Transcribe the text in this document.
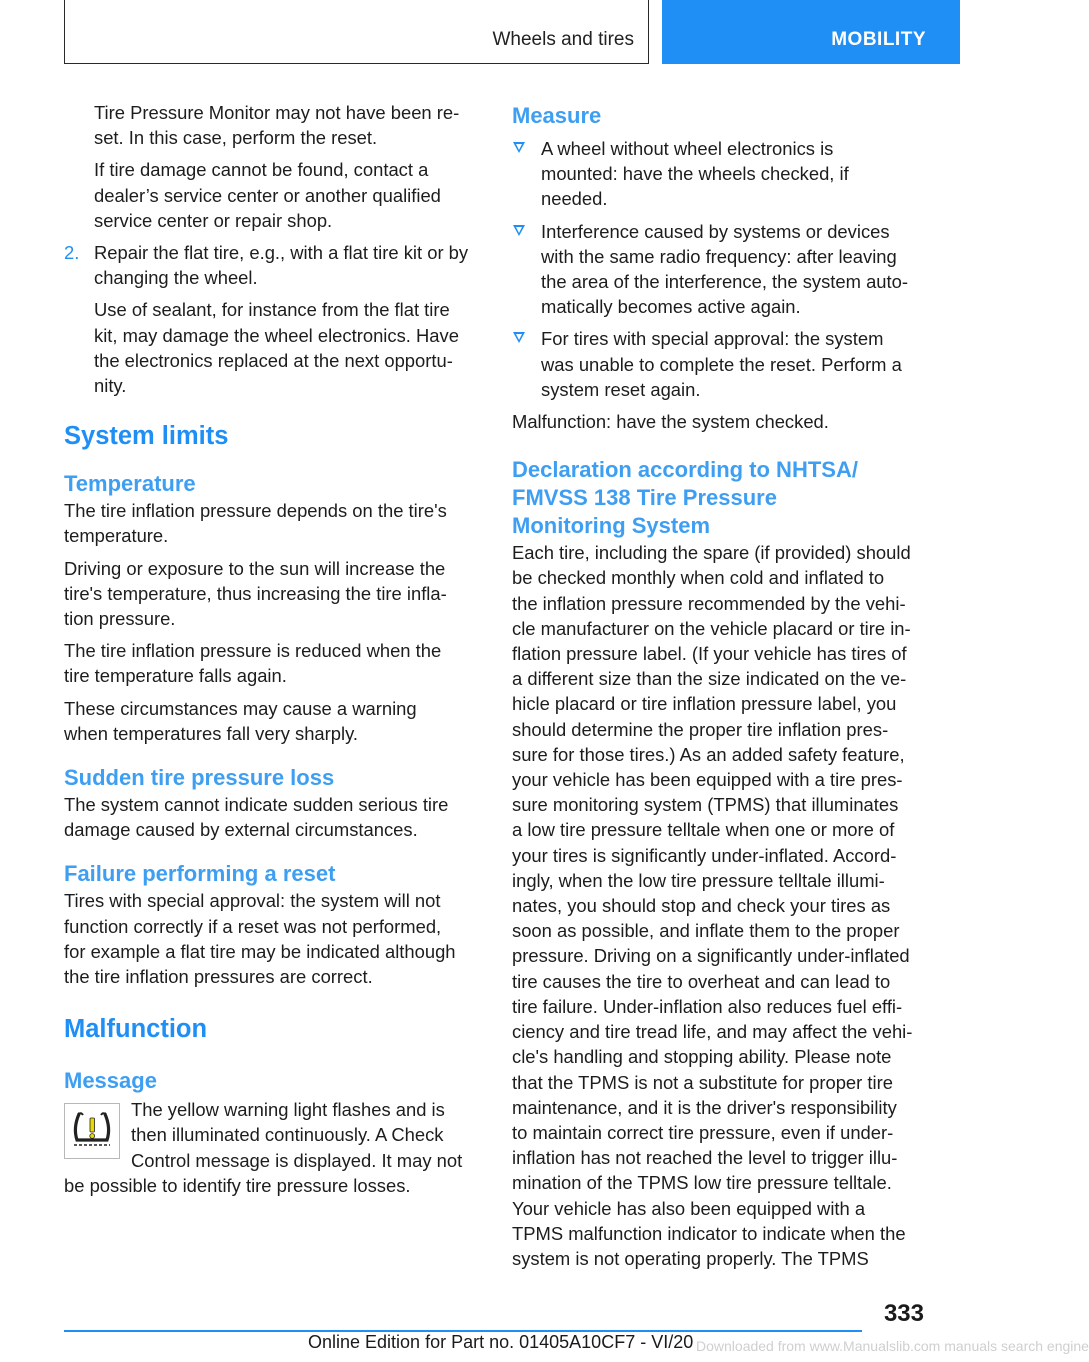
Wheels and tires	MOBILITY

Tire Pressure Monitor may not have been re‐

set. In this case, perform the reset.

If tire damage cannot be found, contact a

dealer’s service center or another qualified

service center or repair shop.

2. Repair the flat tire, e.g., with a flat tire kit or by

changing the wheel.

Use of sealant, for instance from the flat tire

kit, may damage the wheel electronics. Have

the electronics replaced at the next opportu‐

nity.

System limits
Temperature

The tire inflation pressure depends on the tire's

temperature.

Driving or exposure to the sun will increase the

tire's temperature, thus increasing the tire infla‐

tion pressure.

The tire inflation pressure is reduced when the

tire temperature falls again.

These circumstances may cause a warning

when temperatures fall very sharply.

Sudden tire pressure loss

The system cannot indicate sudden serious tire

damage caused by external circumstances.

Failure performing a reset

Tires with special approval: the system will not

function correctly if a reset was not performed,

for example a flat tire may be indicated although

the tire inflation pressures are correct.

Malfunction
Message

The yellow warning light flashes and is

then illuminated continuously. A Check

Control message is displayed. It may not

be possible to identify tire pressure losses.

Measure

A wheel without wheel electronics is

mounted: have the wheels checked, if

needed.

Interference caused by systems or devices

with the same radio frequency: after leaving

the area of the interference, the system auto‐

matically becomes active again.

For tires with special approval: the system

was unable to complete the reset. Perform a

system reset again.

Malfunction: have the system checked.

Declaration according to NHTSA/
FMVSS 138 Tire Pressure
Monitoring System

Each tire, including the spare (if provided) should

be checked monthly when cold and inflated to

the inflation pressure recommended by the vehi‐

cle manufacturer on the vehicle placard or tire in‐

flation pressure label. (If your vehicle has tires of

a different size than the size indicated on the ve‐

hicle placard or tire inflation pressure label, you

should determine the proper tire inflation pres‐

sure for those tires.) As an added safety feature,

your vehicle has been equipped with a tire pres‐

sure monitoring system (TPMS) that illuminates

a low tire pressure telltale when one or more of

your tires is significantly under-inflated. Accord‐

ingly, when the low tire pressure telltale illumi‐

nates, you should stop and check your tires as

soon as possible, and inflate them to the proper

pressure. Driving on a significantly under-inflated

tire causes the tire to overheat and can lead to

tire failure. Under-inflation also reduces fuel effi‐

ciency and tire tread life, and may affect the vehi‐

cle's handling and stopping ability. Please note

that the TPMS is not a substitute for proper tire

maintenance, and it is the driver's responsibility

to maintain correct tire pressure, even if under-

inflation has not reached the level to trigger illu‐

mination of the TPMS low tire pressure telltale.

Your vehicle has also been equipped with a

TPMS malfunction indicator to indicate when the

system is not operating properly. The TPMS

333
Online Edition for Part no. 01405A10CF7 - VI/20 Downloaded from www.Manualslib.com manuals search engine
